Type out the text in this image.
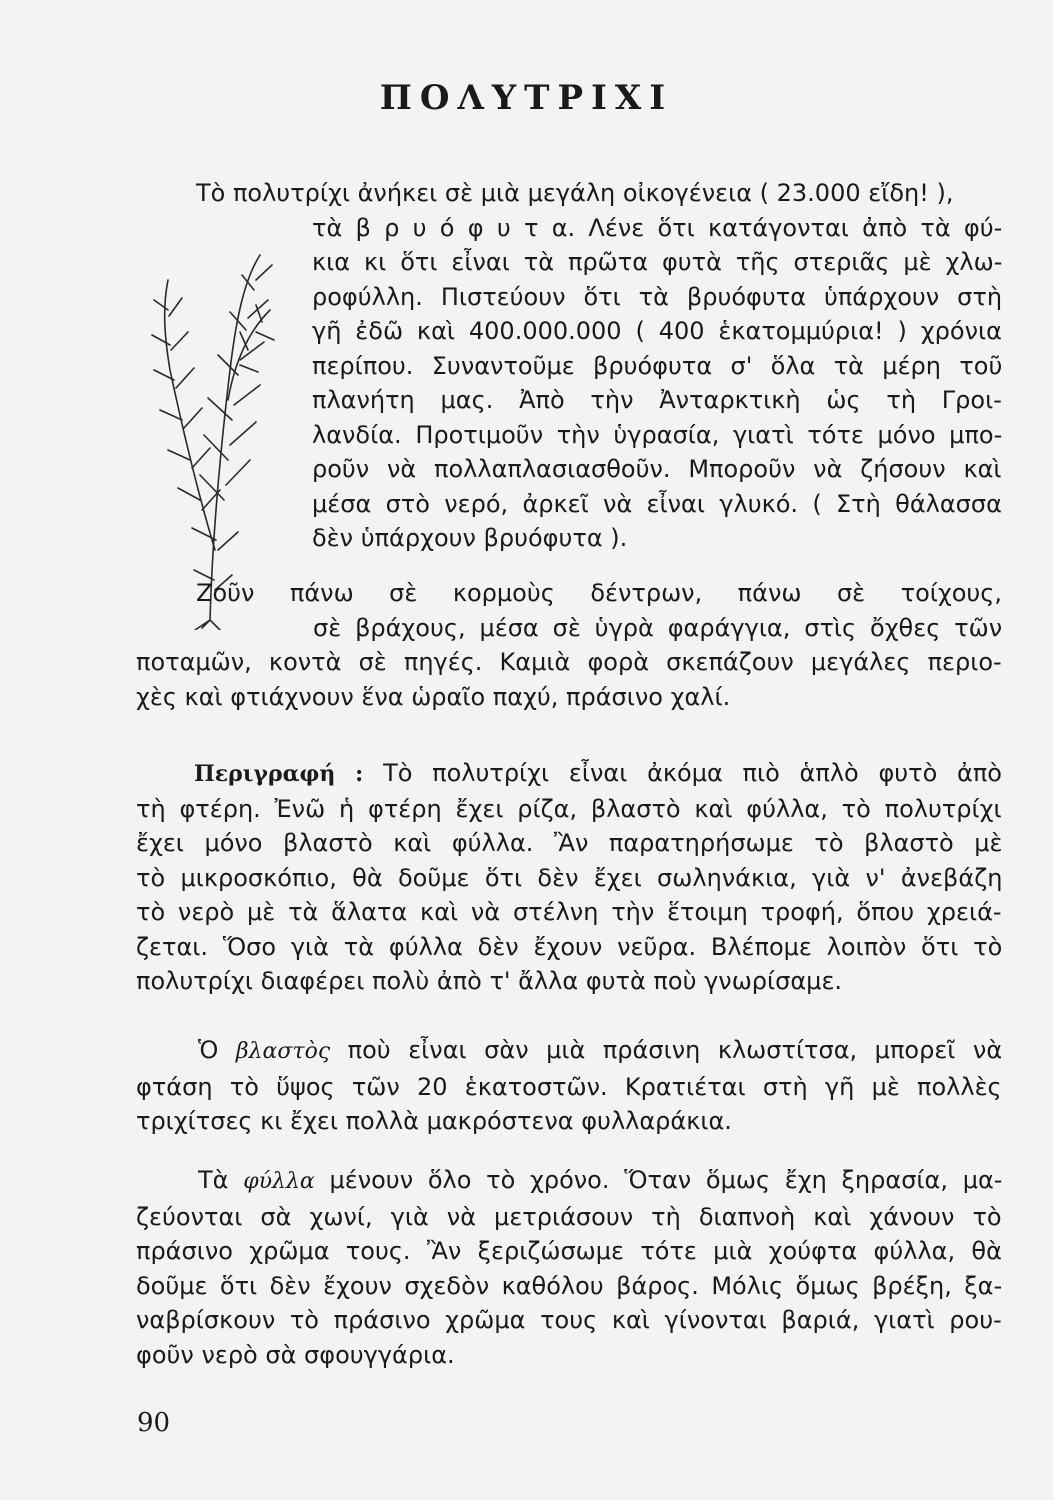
ΠΟΛΥΤΡΙΧΙ

Τὸ πολυτρίχι ἀνήκει σὲ μιὰ μεγάλη οἰκογένεια ( 23.000 εἴδη! ),

τὰ β ρ υ ό φ υ τ α. Λένε ὅτι κατάγονται ἀπὸ τὰ φύ-
κια κι ὅτι εἶναι τὰ πρῶτα φυτὰ τῆς στεριᾶς μὲ χλω-
ροφύλλη. Πιστεύουν ὅτι τὰ βρυόφυτα ὑπάρχουν στὴ
γῆ ἐδῶ καὶ 400.000.000 ( 400 ἑκατομμύρια! ) χρόνια
περίπου. Συναντοῦμε βρυόφυτα σ' ὅλα τὰ μέρη τοῦ
πλανήτη μας. Ἀπὸ τὴν Ἀνταρκτικὴ ὡς τὴ Γροι-
λανδία. Προτιμοῦν τὴν ὑγρασία, γιατὶ τότε μόνο μπο-
ροῦν νὰ πολλαπλασιασθοῦν. Μποροῦν νὰ ζήσουν καὶ
μέσα στὸ νερό, ἀρκεῖ νὰ εἶναι γλυκό. ( Στὴ θάλασσα
δὲν ὑπάρχουν βρυόφυτα ).

Ζοῦν πάνω σὲ κορμοὺς δέντρων, πάνω σὲ τοίχους,
σὲ βράχους, μέσα σὲ ὑγρὰ φαράγγια, στὶς ὄχθες τῶν
ποταμῶν, κοντὰ σὲ πηγές. Καμιὰ φορὰ σκεπάζουν μεγάλες περιο-
χὲς καὶ φτιάχνουν ἕνα ὡραῖο παχύ, πράσινο χαλί.

Περιγραφή : Τὸ πολυτρίχι εἶναι ἀκόμα πιὸ ἁπλὸ φυτὸ ἀπὸ
τὴ φτέρη. Ἐνῶ ἡ φτέρη ἔχει ρίζα, βλαστὸ καὶ φύλλα, τὸ πολυτρίχι
ἔχει μόνο βλαστὸ καὶ φύλλα. Ἂν παρατηρήσωμε τὸ βλαστὸ μὲ
τὸ μικροσκόπιο, θὰ δοῦμε ὅτι δὲν ἔχει σωληνάκια, γιὰ ν' ἀνεβάζη
τὸ νερὸ μὲ τὰ ἅλατα καὶ νὰ στέλνη τὴν ἕτοιμη τροφή, ὅπου χρειά-
ζεται. Ὅσο γιὰ τὰ φύλλα δὲν ἔχουν νεῦρα. Βλέπομε λοιπὸν ὅτι τὸ
πολυτρίχι διαφέρει πολὺ ἀπὸ τ' ἄλλα φυτὰ ποὺ γνωρίσαμε.

Ὁ βλαστὸς ποὺ εἶναι σὰν μιὰ πράσινη κλωστίτσα, μπορεῖ νὰ
φτάση τὸ ὕψος τῶν 20 ἑκατοστῶν. Κρατιέται στὴ γῆ μὲ πολλὲς
τριχίτσες κι ἔχει πολλὰ μακρόστενα φυλλαράκια.

Τὰ φύλλα μένουν ὅλο τὸ χρόνο. Ὅταν ὅμως ἔχη ξηρασία, μα-
ζεύονται σὰ χωνί, γιὰ νὰ μετριάσουν τὴ διαπνοὴ καὶ χάνουν τὸ
πράσινο χρῶμα τους. Ἂν ξεριζώσωμε τότε μιὰ χούφτα φύλλα, θὰ
δοῦμε ὅτι δὲν ἔχουν σχεδὸν καθόλου βάρος. Μόλις ὅμως βρέξη, ξα-
ναβρίσκουν τὸ πράσινο χρῶμα τους καὶ γίνονται βαριά, γιατὶ ρου-
φοῦν νερὸ σὰ σφουγγάρια.

90
